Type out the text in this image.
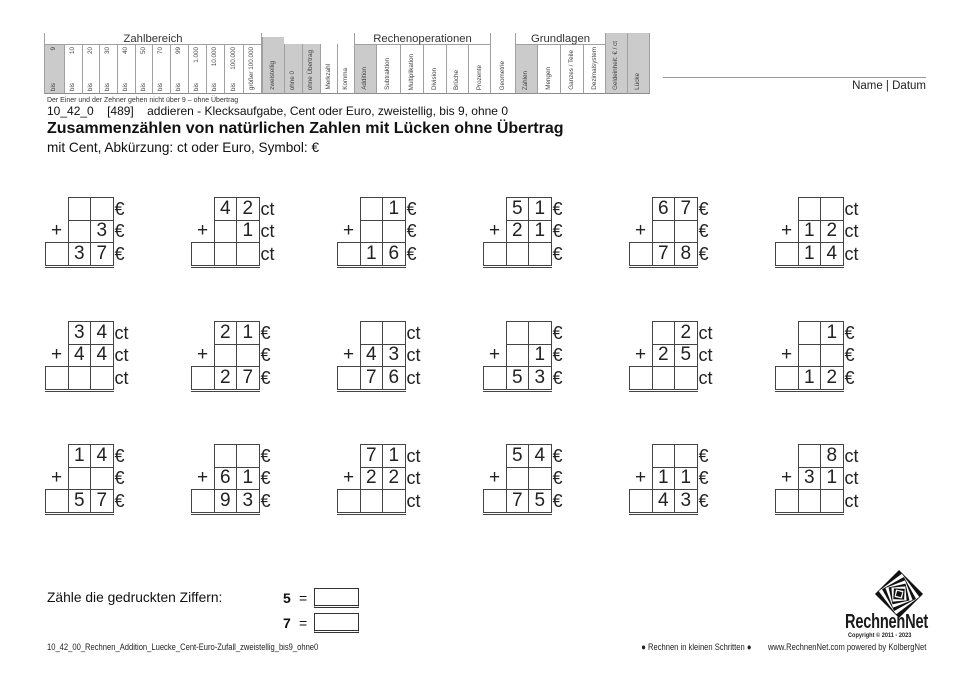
Zahlbereich
9
bis
10
bis
20
bis
30
bis
40
bis
50
bis
70
bis
99
bis
1.000
bis
10.000
bis
100.000
bis größer 100.000 zweistellig ohne 0 ohne Übertrag Merkzahl Komma
Rechenoperationen
Addition	Subtraktion	Multiplikation	Division Brüche Prozente	Geometrie
Grundlagen
Zahlen Mengen	Ganzes / Teile	Dezimalsystem Geldeinheit: € / ct Lücke	Name | Datum
Der Einer und der Zehner gehen nicht über 9 – ohne Übertrag
10_42_0 [489] addieren - Klecksaufgabe, Cent oder Euro, zweistellig, bis 9, ohne 0
Zusammenzählen von natürlichen Zahlen mit Lücken ohne Übertrag
mit Cent, Abkürzung: ct oder Euro, Symbol: €
			€
+		3	€
	3	7	€
	4	2	ct
+		1	ct
			ct
		1	€
+			€
	1	6	€
	5	1	€
+	2	1	€
			€
	6	7	€
+			€
	7	8	€
			ct
+	1	2	ct
	1	4	ct
	3	4	ct
+	4	4	ct
			ct
	2	1	€
+			€
	2	7	€
			ct
+	4	3	ct
	7	6	ct
			€
+		1	€
	5	3	€
		2	ct
+	2	5	ct
			ct
		1	€
+			€
	1	2	€
	1	4	€
+			€
	5	7	€
			€
+	6	1	€
	9	3	€
	7	1	ct
+	2	2	ct
			ct
	5	4	€
+			€
	7	5	€
			€
+	1	1	€
	4	3	€
		8	ct
+	3	1	ct
			ct
Zähle die gedruckten Ziffern:	5 =
7 =	RechnenNet
Copyright © 2011 - 2023
10_42_00_Rechnen_Addition_Luecke_Cent-Euro-Zufall_zweistellig_bis9_ohne0	● Rechnen in kleinen Schritten ● www.RechnenNet.com powered by KolbergNet
